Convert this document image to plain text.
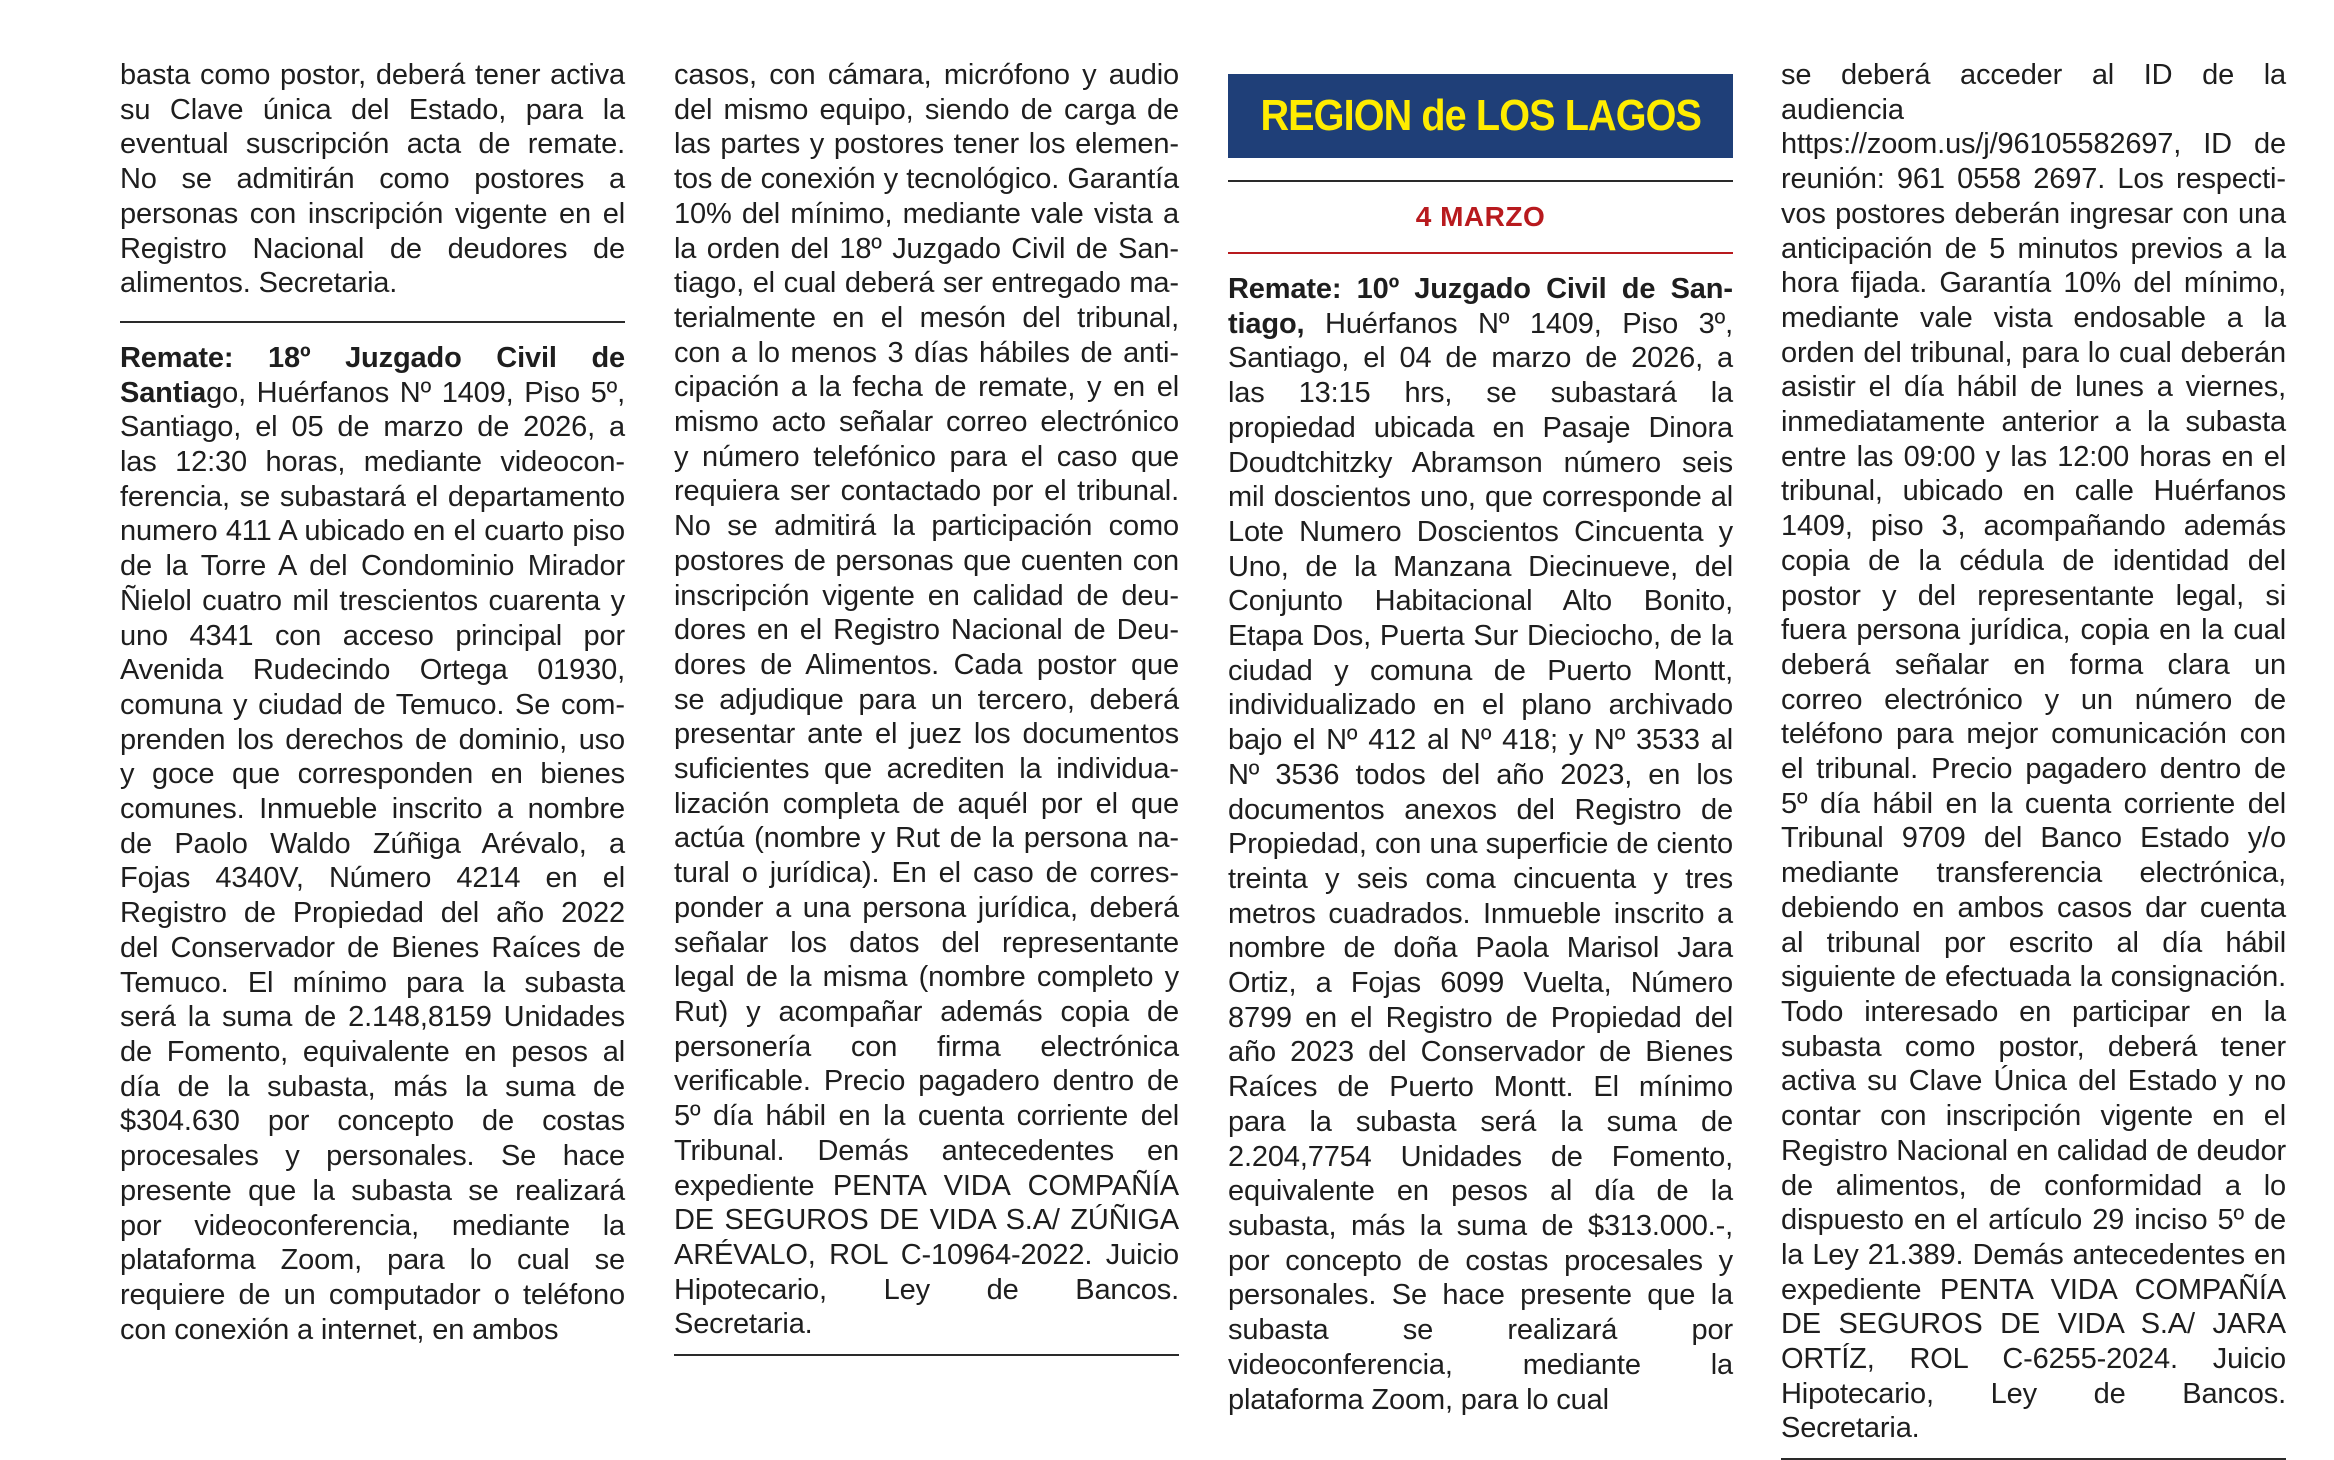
basta como postor, deberá tener activa su Clave única del Estado, para la eventual suscripción acta de remate. No se admitirán como postores a personas con inscripción vigente en el Registro Nacional de deudores de alimentos. Secretaria.

Remate: 18º Juzgado Civil de Santiago, Huérfanos Nº 1409, Piso 5º, Santiago, el 05 de marzo de 2026, a las 12:30 horas, mediante videoconferencia, se subastará el departamento numero 411 A ubicado en el cuarto piso de la Torre A del Condominio Mirador Ñielol cuatro mil trescientos cuarenta y uno 4341 con acceso principal por Avenida Rudecindo Ortega 01930, comuna y ciudad de Temuco. Se comprenden los derechos de dominio, uso y goce que corresponden en bienes comunes. Inmueble inscrito a nombre de Paolo Waldo Zúñiga Arévalo, a Fojas 4340V, Número 4214 en el Registro de Propiedad del año 2022 del Conservador de Bienes Raíces de Temuco. El mínimo para la subasta será la suma de 2.148,8159 Unidades de Fomento, equivalente en pesos al día de la subasta, más la suma de $304.630 por concepto de costas procesales y personales. Se hace presente que la subasta se realizará por videoconferencia, mediante la plataforma Zoom, para lo cual se requiere de un computador o teléfono con conexión a internet, en ambos

casos, con cámara, micrófono y audio del mismo equipo, siendo de carga de las partes y postores tener los elementos de conexión y tecnológico. Garantía 10% del mínimo, mediante vale vista a la orden del 18º Juzgado Civil de Santiago, el cual deberá ser entregado materialmente en el mesón del tribunal, con a lo menos 3 días hábiles de anticipación a la fecha de remate, y en el mismo acto señalar correo electrónico y número telefónico para el caso que requiera ser contactado por el tribunal. No se admitirá la participación como postores de personas que cuenten con inscripción vigente en calidad de deudores en el Registro Nacional de Deudores de Alimentos. Cada postor que se adjudique para un tercero, deberá presentar ante el juez los documentos suficientes que acrediten la individualización completa de aquél por el que actúa (nombre y Rut de la persona natural o jurídica). En el caso de corresponder a una persona jurídica, deberá señalar los datos del representante legal de la misma (nombre completo y Rut) y acompañar además copia de personería con firma electrónica verificable. Precio pagadero dentro de 5º día hábil en la cuenta corriente del Tribunal. Demás antecedentes en expediente PENTA VIDA COMPAÑÍA DE SEGUROS DE VIDA S.A/ ZÚÑIGA ARÉVALO, ROL C-10964-2022. Juicio Hipotecario, Ley de Bancos. Secretaria.

REGION de LOS LAGOS
4 MARZO

Remate: 10º Juzgado Civil de Santiago, Huérfanos Nº 1409, Piso 3º, Santiago, el 04 de marzo de 2026, a las 13:15 hrs, se subastará la propiedad ubicada en Pasaje Dinora Doudtchitzky Abramson número seis mil doscientos uno, que corresponde al Lote Numero Doscientos Cincuenta y Uno, de la Manzana Diecinueve, del Conjunto Habitacional Alto Bonito, Etapa Dos, Puerta Sur Dieciocho, de la ciudad y comuna de Puerto Montt, individualizado en el plano archivado bajo el Nº 412 al Nº 418; y Nº 3533 al Nº 3536 todos del año 2023, en los documentos anexos del Registro de Propiedad, con una superficie de ciento treinta y seis coma cincuenta y tres metros cuadrados. Inmueble inscrito a nombre de doña Paola Marisol Jara Ortiz, a Fojas 6099 Vuelta, Número 8799 en el Registro de Propiedad del año 2023 del Conservador de Bienes Raíces de Puerto Montt. El mínimo para la subasta será la suma de 2.204,7754 Unidades de Fomento, equivalente en pesos al día de la subasta, más la suma de $313.000.-, por concepto de costas procesales y personales. Se hace presente que la subasta se realizará por videoconferencia, mediante la plataforma Zoom, para lo cual

se deberá acceder al ID de la audiencia https://zoom.us/j/96105582697, ID de reunión: 961 0558 2697. Los respectivos postores deberán ingresar con una anticipación de 5 minutos previos a la hora fijada. Garantía 10% del mínimo, mediante vale vista endosable a la orden del tribunal, para lo cual deberán asistir el día hábil de lunes a viernes, inmediatamente anterior a la subasta entre las 09:00 y las 12:00 horas en el tribunal, ubicado en calle Huérfanos 1409, piso 3, acompañando además copia de la cédula de identidad del postor y del representante legal, si fuera persona jurídica, copia en la cual deberá señalar en forma clara un correo electrónico y un número de teléfono para mejor comunicación con el tribunal. Precio pagadero dentro de 5º día hábil en la cuenta corriente del Tribunal 9709 del Banco Estado y/o mediante transferencia electrónica, debiendo en ambos casos dar cuenta al tribunal por escrito al día hábil siguiente de efectuada la consignación. Todo interesado en participar en la subasta como postor, deberá tener activa su Clave Única del Estado y no contar con inscripción vigente en el Registro Nacional en calidad de deudor de alimentos, de conformidad a lo dispuesto en el artículo 29 inciso 5º de la Ley 21.389. Demás antecedentes en expediente PENTA VIDA COMPAÑÍA DE SEGUROS DE VIDA S.A/ JARA ORTÍZ, ROL C-6255-2024. Juicio Hipotecario, Ley de Bancos. Secretaria.
